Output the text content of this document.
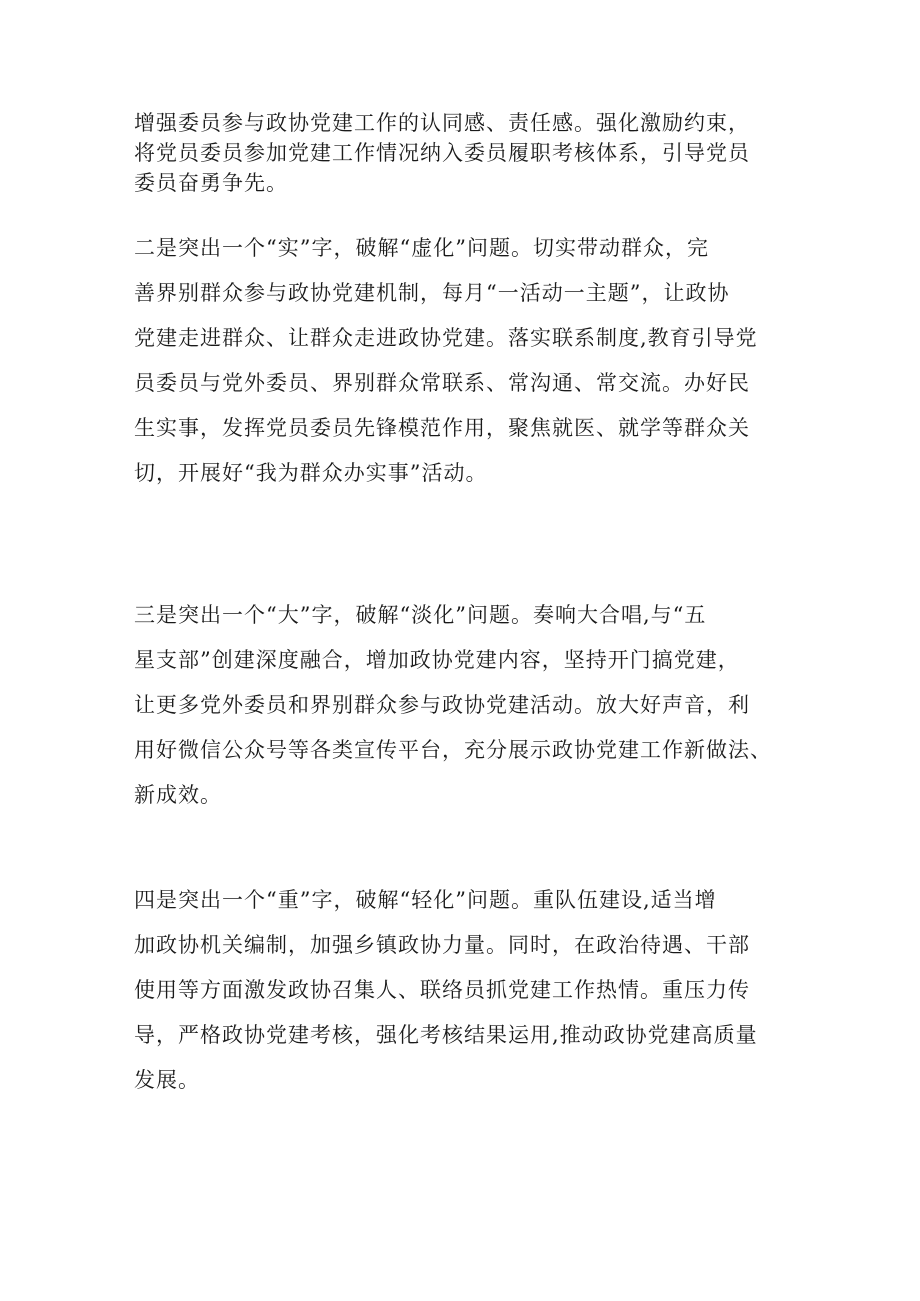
增强委员参与政协党建工作的认同感、责任感。强化激励约束，
将党员委员参加党建工作情况纳入委员履职考核体系，引导党员
委员奋勇争先。

二是突出一个“实”字，破解“虚化”问题。切实带动群众，完
善界别群众参与政协党建机制，每月“一活动一主题”，让政协
党建走进群众、让群众走进政协党建。落实联系制度,教育引导党
员委员与党外委员、界别群众常联系、常沟通、常交流。办好民
生实事，发挥党员委员先锋模范作用，聚焦就医、就学等群众关
切，开展好“我为群众办实事”活动。

三是突出一个“大”字，破解“淡化”问题。奏响大合唱,与“五
星支部”创建深度融合，增加政协党建内容，坚持开门搞党建，
让更多党外委员和界别群众参与政协党建活动。放大好声音，利
用好微信公众号等各类宣传平台，充分展示政协党建工作新做法、
新成效。

四是突出一个“重”字，破解“轻化”问题。重队伍建设,适当增
加政协机关编制，加强乡镇政协力量。同时，在政治待遇、干部
使用等方面激发政协召集人、联络员抓党建工作热情。重压力传
导，严格政协党建考核，强化考核结果运用,推动政协党建高质量
发展。
